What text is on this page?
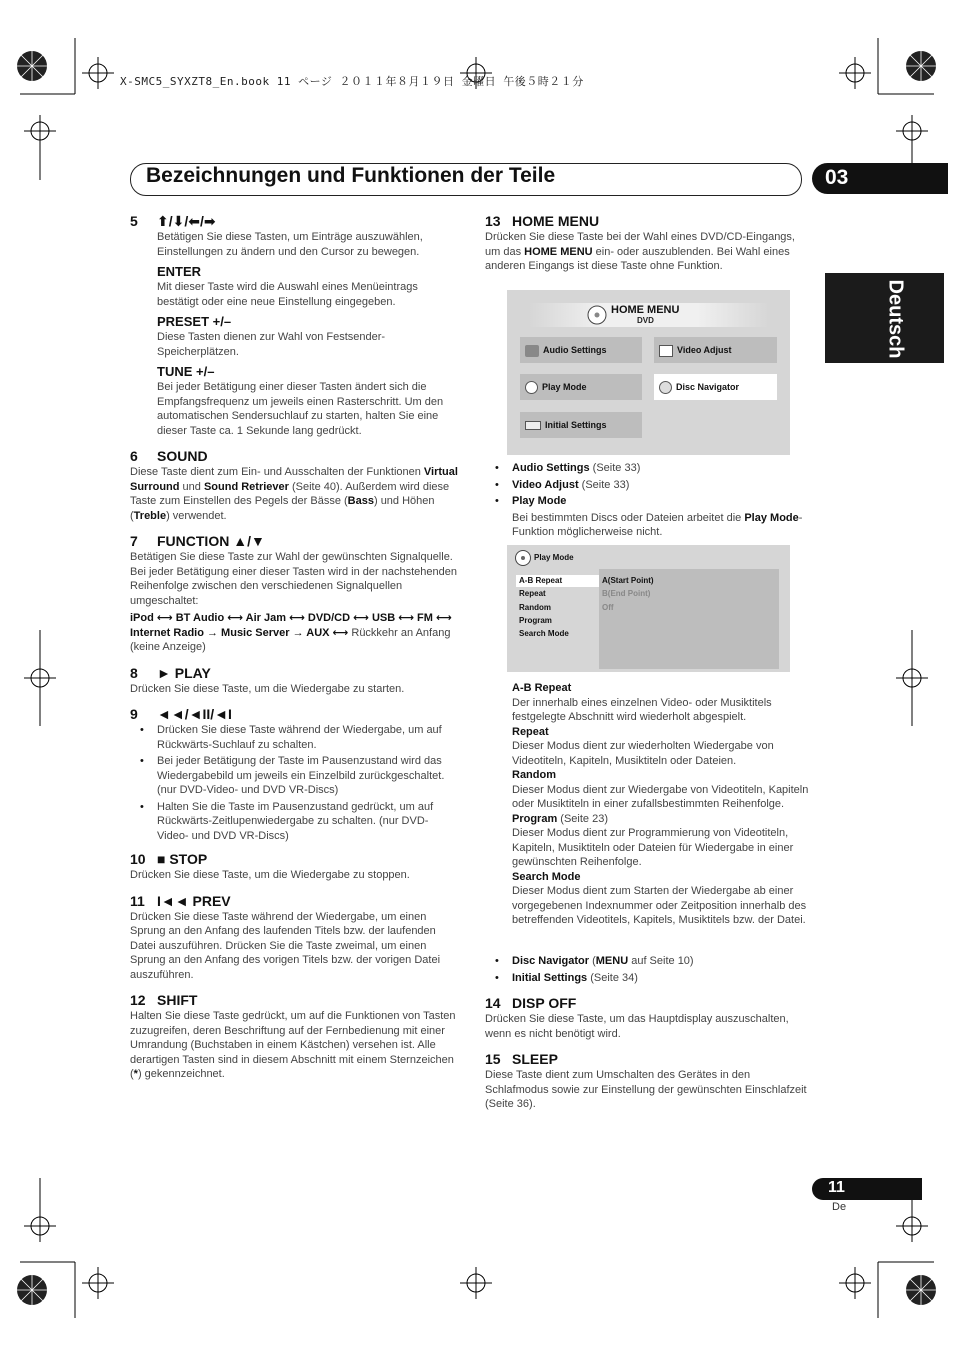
X-SMC5_SYXZT8_En.book 11 ページ ２０１１年８月１９日 金曜日 午後５時２１分
Bezeichnungen und Funktionen der Teile	03
Deutsch
5 ⬆/⬇/⬅/➡

Betätigen Sie diese Tasten, um Einträge auszuwählen, Einstellungen zu ändern und den Cursor zu bewegen.

ENTER

Mit dieser Taste wird die Auswahl eines Menüeintrags bestätigt oder eine neue Einstellung eingegeben.

PRESET +/–

Diese Tasten dienen zur Wahl von Festsender-Speicherplätzen.

TUNE +/–

Bei jeder Betätigung einer dieser Tasten ändert sich die Empfangsfrequenz um jeweils einen Rasterschritt. Um den automatischen Sendersuchlauf zu starten, halten Sie eine dieser Taste ca. 1 Sekunde lang gedrückt.

6 SOUND

Diese Taste dient zum Ein- und Ausschalten der Funktionen Virtual Surround und Sound Retriever (Seite 40). Außerdem wird diese Taste zum Einstellen des Pegels der Bässe (Bass) und Höhen (Treble) verwendet.

7 FUNCTION ▲/▼

Betätigen Sie diese Taste zur Wahl der gewünschten Signalquelle. Bei jeder Betätigung einer dieser Tasten wird in der nachstehenden Reihenfolge zwischen den verschiedenen Signalquellen umgeschaltet:

iPod ⟷ BT Audio ⟷ Air Jam ⟷ DVD/CD ⟷ USB ⟷ FM ⟷ Internet Radio → Music Server → AUX ⟷ Rückkehr an Anfang (keine Anzeige)

8 ► PLAY

Drücken Sie diese Taste, um die Wiedergabe zu starten.

9 ◄◄/◄II/◄I
• Drücken Sie diese Taste während der Wiedergabe, um auf Rückwärts-Suchlauf zu schalten.
• Bei jeder Betätigung der Taste im Pausenzustand wird das Wiedergabebild um jeweils ein Einzelbild zurückgeschaltet. (nur DVD-Video- und DVD VR-Discs)
• Halten Sie die Taste im Pausenzustand gedrückt, um auf Rückwärts-Zeitlupenwiedergabe zu schalten. (nur DVD-Video- und DVD VR-Discs)
10 ■ STOP

Drücken Sie diese Taste, um die Wiedergabe zu stoppen.

11 I◄◄ PREV

Drücken Sie diese Taste während der Wiedergabe, um einen Sprung an den Anfang des laufenden Titels bzw. der laufenden Datei auszuführen. Drücken Sie die Taste zweimal, um einen Sprung an den Anfang des vorigen Titels bzw. der vorigen Datei auszuführen.

12 SHIFT

Halten Sie diese Taste gedrückt, um auf die Funktionen von Tasten zuzugreifen, deren Beschriftung auf der Fernbedienung mit einer Umrandung (Buchstaben in einem Kästchen) versehen ist. Alle derartigen Tasten sind in diesem Abschnitt mit einem Sternzeichen (*) gekennzeichnet.

13 HOME MENU

Drücken Sie diese Taste bei der Wahl eines DVD/CD-Eingangs, um das HOME MENU ein- oder auszublenden. Bei Wahl eines anderen Eingangs ist diese Taste ohne Funktion.

HOME MENU
DVD
Audio Settings	Video Adjust
Play Mode	Disc Navigator
Initial Settings
• Audio Settings (Seite 33)
• Video Adjust (Seite 33)
• Play Mode

Bei bestimmten Discs oder Dateien arbeitet die Play Mode-Funktion möglicherweise nicht.

Play Mode
A-B Repeat
Repeat
Random
Program
Search Mode
A(Start Point)
B(End Point)
Off
A-B Repeat

Der innerhalb eines einzelnen Video- oder Musiktitels festgelegte Abschnitt wird wiederholt abgespielt.

Repeat

Dieser Modus dient zur wiederholten Wiedergabe von Videotiteln, Kapiteln, Musiktiteln oder Dateien.

Random

Dieser Modus dient zur Wiedergabe von Videotiteln, Kapiteln oder Musiktiteln in einer zufallsbestimmten Reihenfolge.

Program (Seite 23)

Dieser Modus dient zur Programmierung von Videotiteln, Kapiteln, Musiktiteln oder Dateien für Wiedergabe in einer gewünschten Reihenfolge.

Search Mode

Dieser Modus dient zum Starten der Wiedergabe ab einer vorgegebenen Indexnummer oder Zeitposition innerhalb des betreffenden Videotitels, Kapitels, Musiktitels bzw. der Datei.

• Disc Navigator (MENU auf Seite 10)
• Initial Settings (Seite 34)
14 DISP OFF

Drücken Sie diese Taste, um das Hauptdisplay auszuschalten, wenn es nicht benötigt wird.

15 SLEEP

Diese Taste dient zum Umschalten des Gerätes in den Schlafmodus sowie zur Einstellung der gewünschten Einschlafzeit (Seite 36).

11
De
